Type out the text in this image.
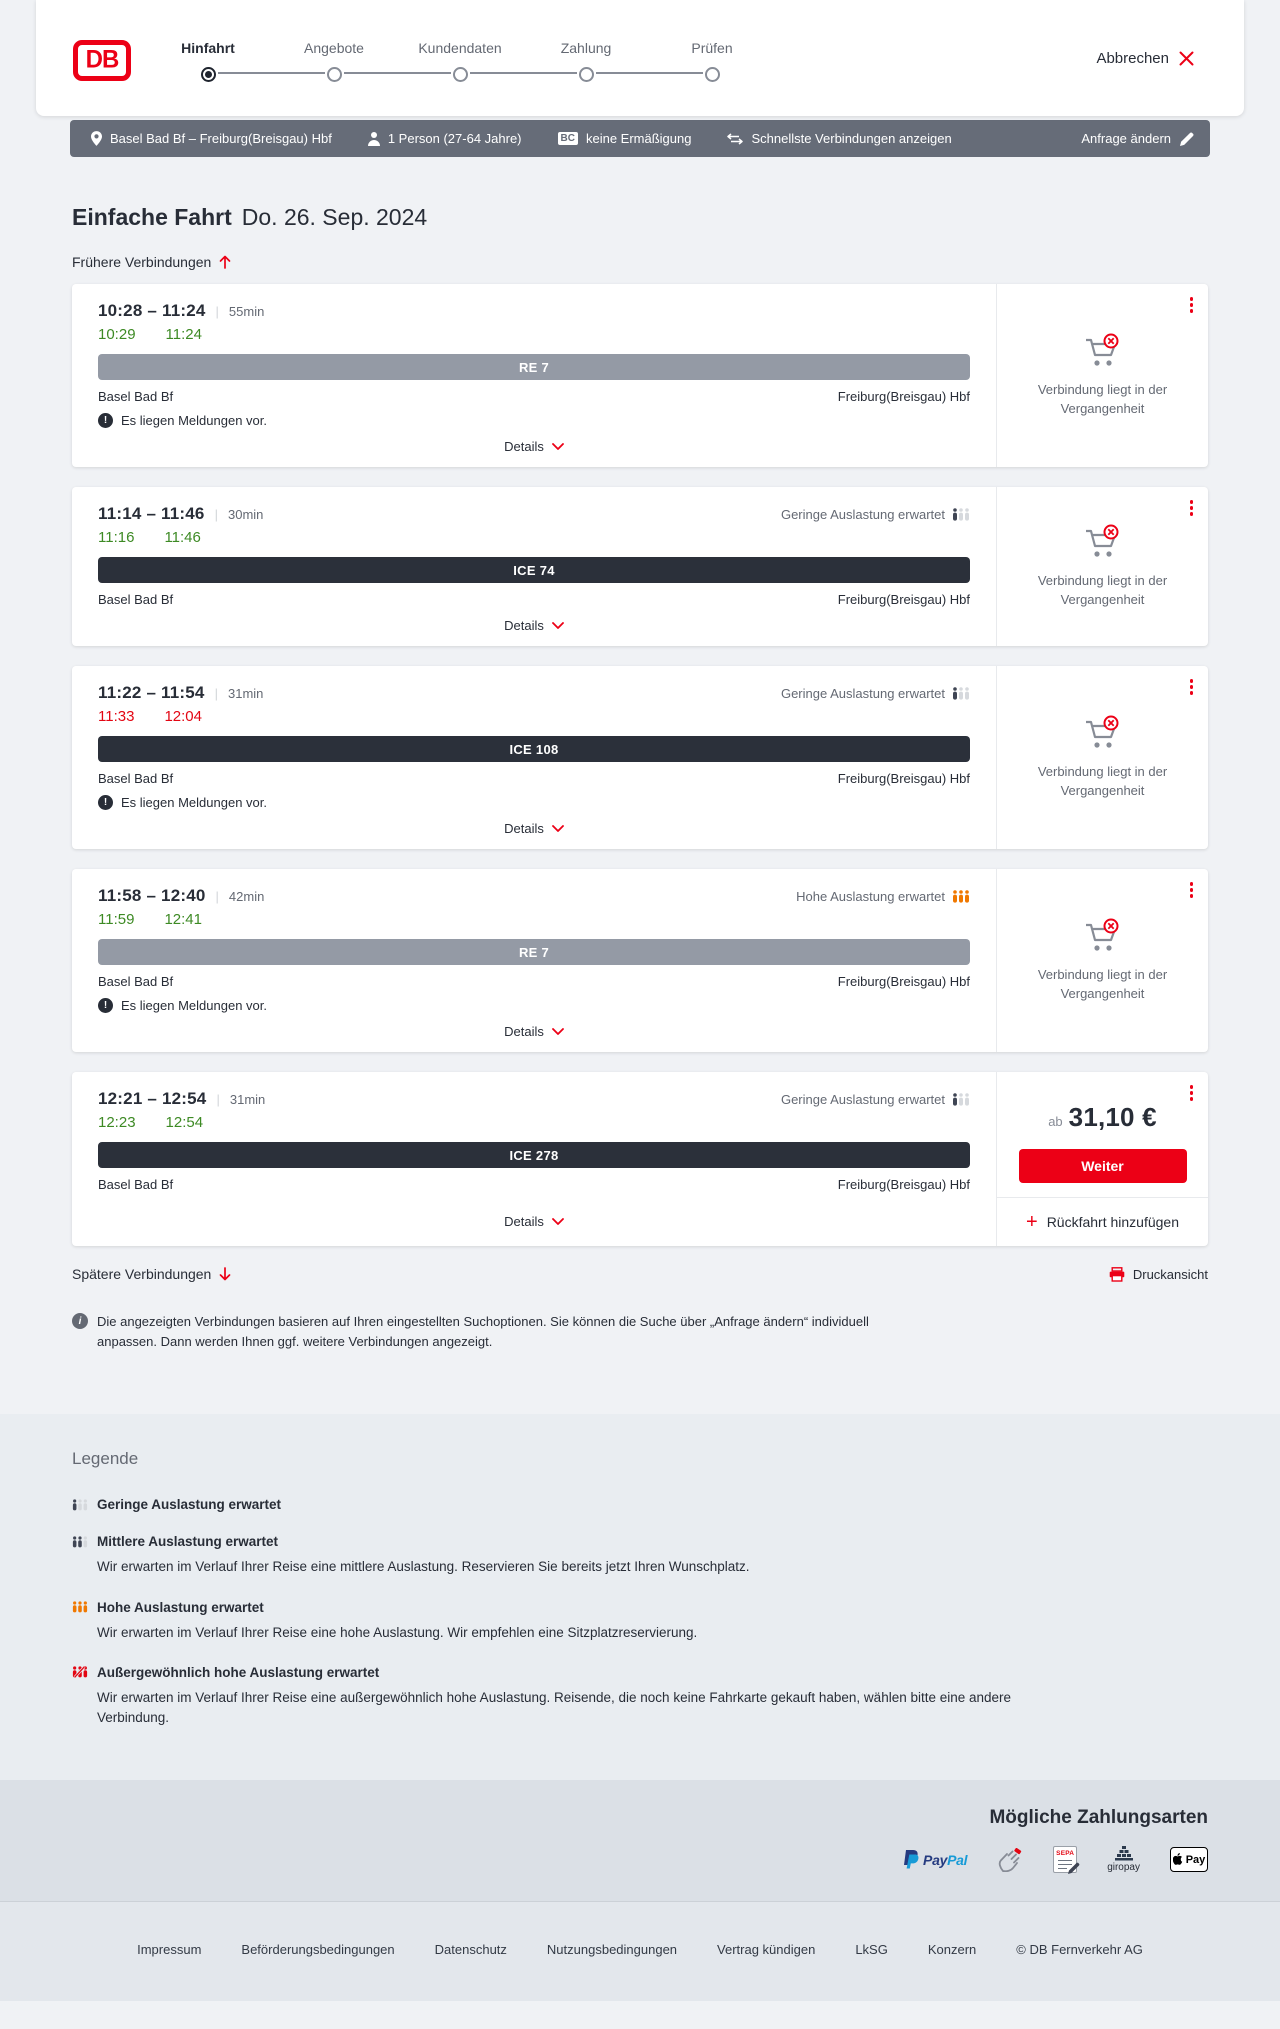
DB	Hinfahrt	Angebote	Kundendaten	Zahlung	Prüfen
Abbrechen
Basel Bad Bf – Freiburg(Breisgau) Hbf	1 Person (27-64 Jahre)	BC keine Ermäßigung	Schnellste Verbindungen anzeigen	Anfrage ändern
Einfache Fahrt Do. 26. Sep. 2024
Frühere Verbindungen
10:28 – 11:24 | 55min
10:29 11:24
RE 7
Basel Bad Bf	Freiburg(Breisgau) Hbf
!	Es liegen Meldungen vor.
Details
Verbindung liegt in der Vergangenheit
11:14 – 11:46 | 30min	Geringe Auslastung erwartet
11:16 11:46
ICE 74
Basel Bad Bf	Freiburg(Breisgau) Hbf
Details
Verbindung liegt in der Vergangenheit
11:22 – 11:54 | 31min	Geringe Auslastung erwartet
11:33 12:04
ICE 108
Basel Bad Bf	Freiburg(Breisgau) Hbf
!	Es liegen Meldungen vor.
Details
Verbindung liegt in der Vergangenheit
11:58 – 12:40 | 42min	Hohe Auslastung erwartet
11:59 12:41
RE 7
Basel Bad Bf	Freiburg(Breisgau) Hbf
!	Es liegen Meldungen vor.
Details
Verbindung liegt in der Vergangenheit
12:21 – 12:54 | 31min	Geringe Auslastung erwartet
12:23 12:54
ICE 278
Basel Bad Bf	Freiburg(Breisgau) Hbf
Details
ab 31,10 €
Weiter
+ Rückfahrt hinzufügen
Spätere Verbindungen	Druckansicht
i	Die angezeigten Verbindungen basieren auf Ihren eingestellten Suchoptionen. Sie können die Suche über „Anfrage ändern“ individuell anpassen. Dann werden Ihnen ggf. weitere Verbindungen angezeigt.
Legende
Geringe Auslastung erwartet
Mittlere Auslastung erwartet
Wir erwarten im Verlauf Ihrer Reise eine mittlere Auslastung. Reservieren Sie bereits jetzt Ihren Wunschplatz.
Hohe Auslastung erwartet
Wir erwarten im Verlauf Ihrer Reise eine hohe Auslastung. Wir empfehlen eine Sitzplatzreservierung.
Außergewöhnlich hohe Auslastung erwartet
Wir erwarten im Verlauf Ihrer Reise eine außergewöhnlich hohe Auslastung. Reisende, die noch keine Fahrkarte gekauft haben, wählen bitte eine andere Verbindung.
Mögliche Zahlungsarten
PayPal	SEPA
giropay
Pay
Impressum	Beförderungsbedingungen	Datenschutz	Nutzungsbedingungen	Vertrag kündigen	LkSG	Konzern	© DB Fernverkehr AG
